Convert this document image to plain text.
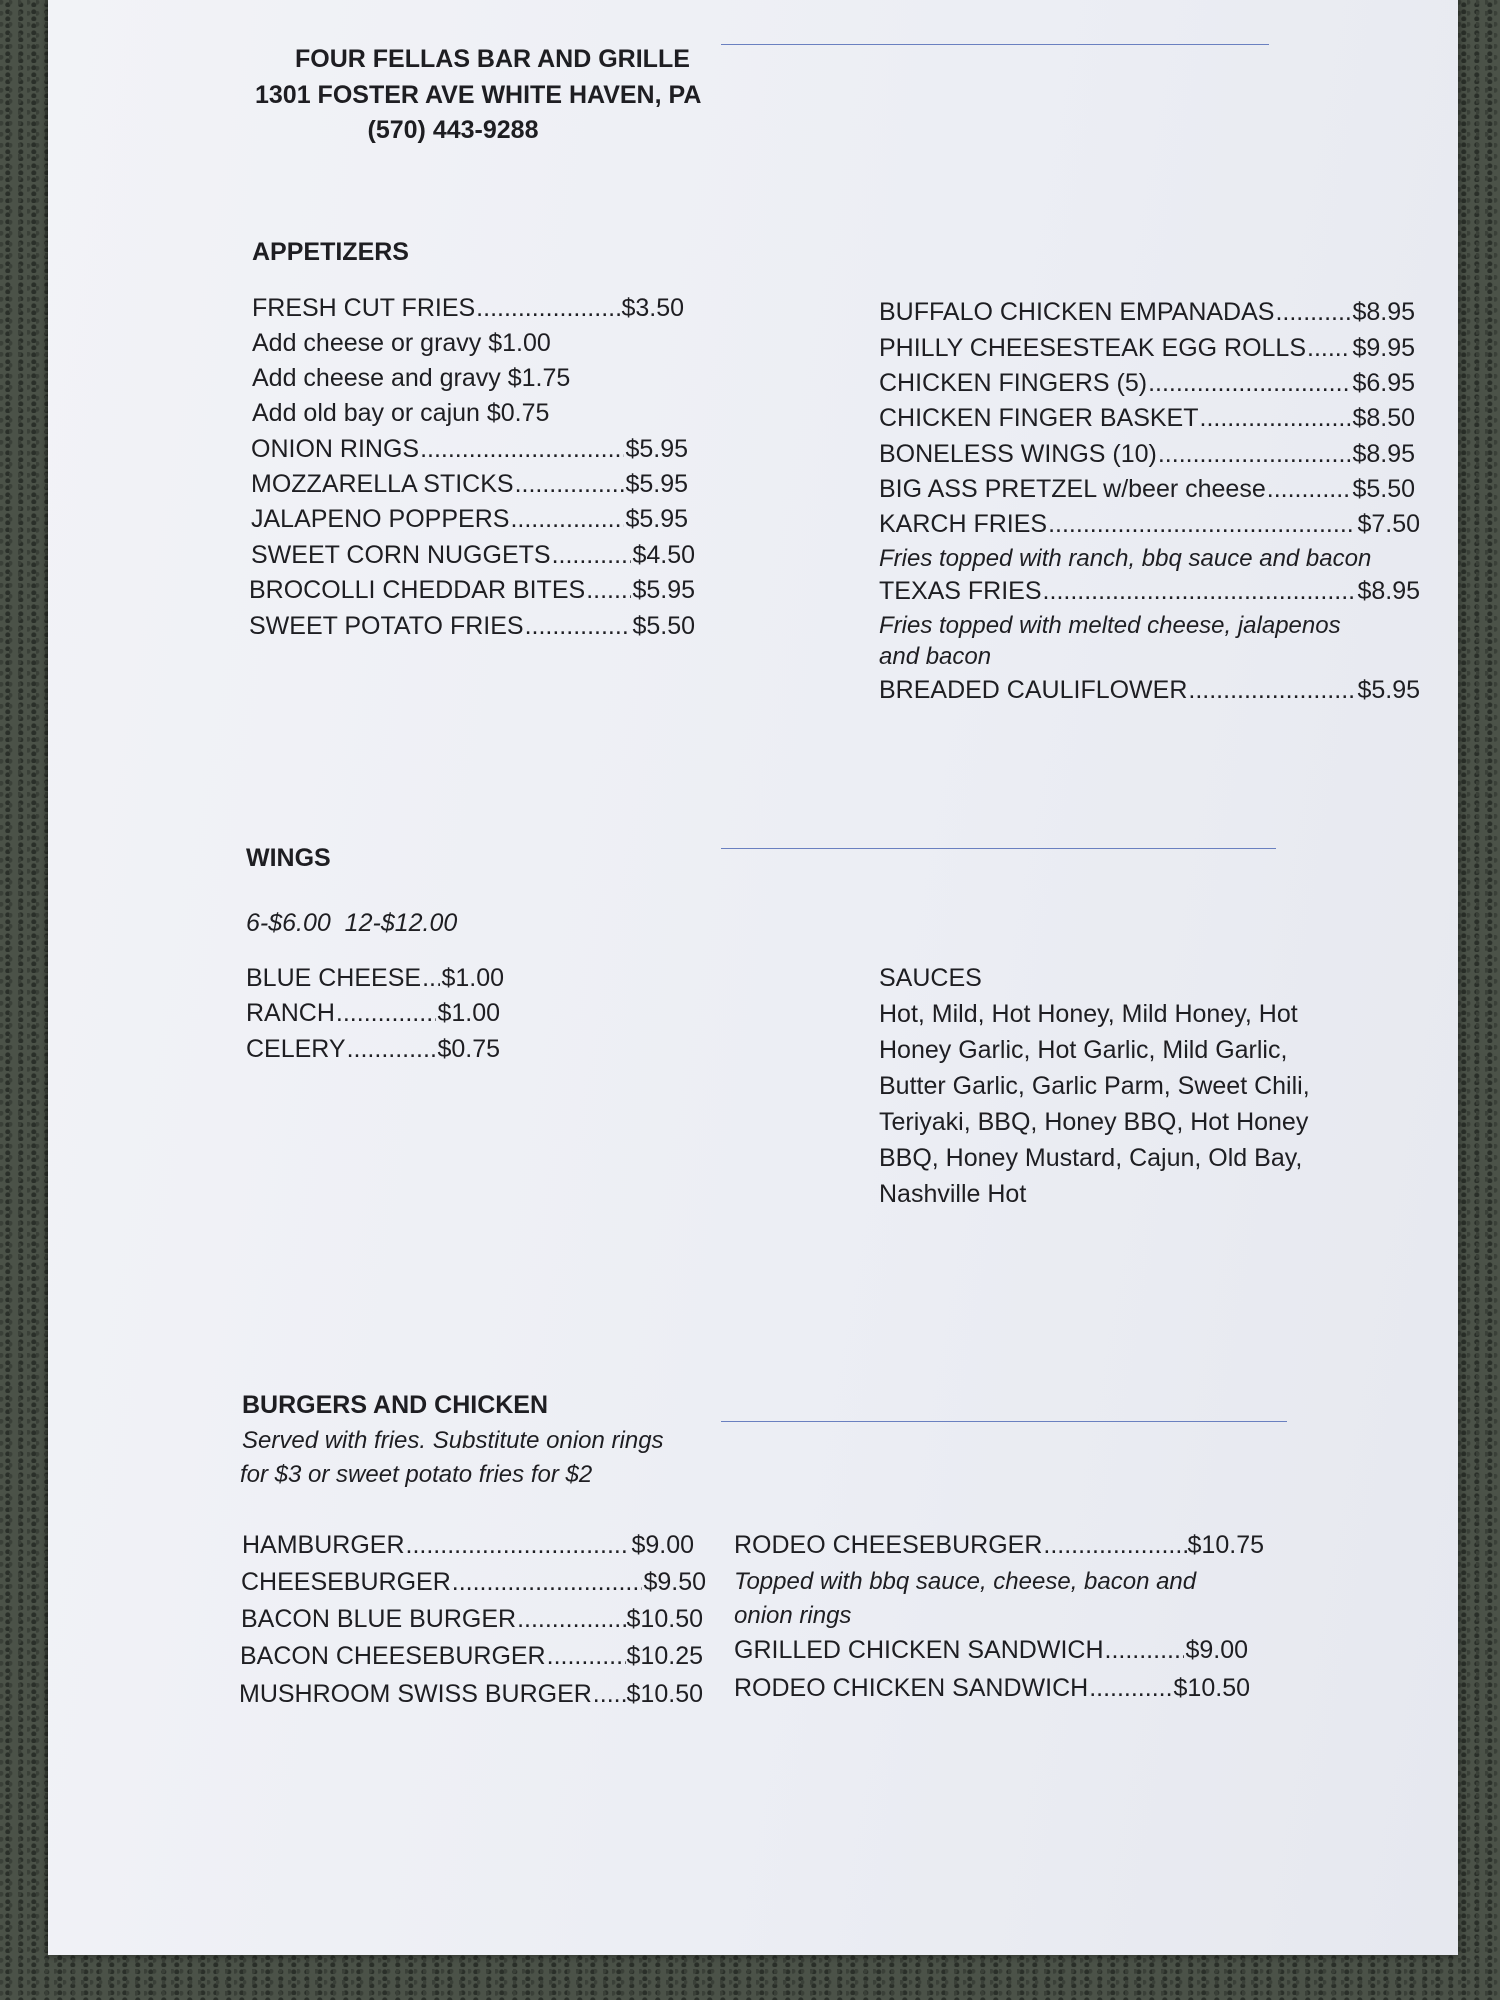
FOUR FELLAS BAR AND GRILLE
1301 FOSTER AVE WHITE HAVEN, PA
(570) 443-9288
APPETIZERS
FRESH CUT FRIES .....	$3.50
Add cheese or gravy $1.00
Add cheese and gravy $1.75
Add old bay or cajun $0.75
ONION RINGS .....	$5.95
MOZZARELLA STICKS .....	$5.95
JALAPENO POPPERS .....	$5.95
SWEET CORN NUGGETS .....	$4.50
BROCOLLI CHEDDAR BITES ..... $5.95
SWEET POTATO FRIES .....	$5.50
BUFFALO CHICKEN EMPANADAS .....	$8.95
PHILLY CHEESESTEAK EGG ROLLS ..... $9.95
CHICKEN FINGERS (5) .....	$6.95
CHICKEN FINGER BASKET .....	$8.50
BONELESS WINGS (10) .....	$8.95
BIG ASS PRETZEL w/beer cheese .....	$5.50
KARCH FRIES .....	$7.50
Fries topped with ranch, bbq sauce and bacon
TEXAS FRIES .....	$8.95
Fries topped with melted cheese, jalapenos
and bacon
BREADED CAULIFLOWER .....	$5.95
WINGS
6-$6.00  12-$12.00
BLUE CHEESE ..... $1.00
RANCH .....	$1.00
CELERY .....	$0.75
SAUCES
Hot, Mild, Hot Honey, Mild Honey, Hot
Honey Garlic, Hot Garlic, Mild Garlic,
Butter Garlic, Garlic Parm, Sweet Chili,
Teriyaki, BBQ, Honey BBQ, Hot Honey
BBQ, Honey Mustard, Cajun, Old Bay,
Nashville Hot
BURGERS AND CHICKEN
Served with fries. Substitute onion rings
for $3 or sweet potato fries for $2
HAMBURGER .....	$9.00
CHEESEBURGER .....	$9.50
BACON BLUE BURGER .....	$10.50
BACON CHEESEBURGER .....	$10.25
MUSHROOM SWISS BURGER ..... $10.50
RODEO CHEESEBURGER .....	$10.75
Topped with bbq sauce, cheese, bacon and
onion rings
GRILLED CHICKEN SANDWICH .....	$9.00
RODEO CHICKEN SANDWICH .....	$10.50
